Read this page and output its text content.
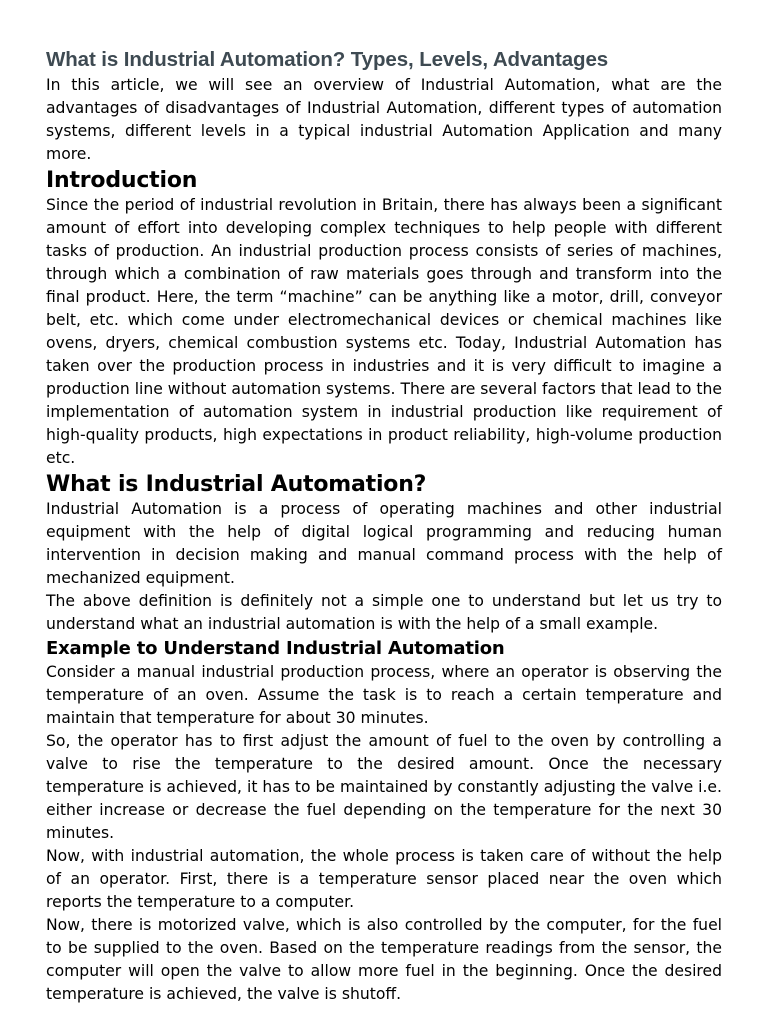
What is Industrial Automation? Types, Levels, Advantages

In this article, we will see an overview of Industrial Automation, what are the advantages of disadvantages of Industrial Automation, different types of automation systems, different levels in a typical industrial Automation Application and many more.

Introduction

Since the period of industrial revolution in Britain, there has always been a significant amount of effort into developing complex techniques to help people with different tasks of production. An industrial production process consists of series of machines, through which a combination of raw materials goes through and transform into the final product. Here, the term “machine” can be anything like a motor, drill, conveyor belt, etc. which come under electromechanical devices or chemical machines like ovens, dryers, chemical combustion systems etc. Today, Industrial Automation has taken over the production process in industries and it is very difficult to imagine a production line without automation systems. There are several factors that lead to the implementation of automation system in industrial production like requirement of high-quality products, high expectations in product reliability, high-volume production etc.

What is Industrial Automation?

Industrial Automation is a process of operating machines and other industrial equipment with the help of digital logical programming and reducing human intervention in decision making and manual command process with the help of mechanized equipment.

The above definition is definitely not a simple one to understand but let us try to understand what an industrial automation is with the help of a small example.

Example to Understand Industrial Automation

Consider a manual industrial production process, where an operator is observing the temperature of an oven. Assume the task is to reach a certain temperature and maintain that temperature for about 30 minutes.

So, the operator has to first adjust the amount of fuel to the oven by controlling a valve to rise the temperature to the desired amount. Once the necessary temperature is achieved, it has to be maintained by constantly adjusting the valve i.e. either increase or decrease the fuel depending on the temperature for the next 30 minutes.

Now, with industrial automation, the whole process is taken care of without the help of an operator. First, there is a temperature sensor placed near the oven which reports the temperature to a computer.

Now, there is motorized valve, which is also controlled by the computer, for the fuel to be supplied to the oven. Based on the temperature readings from the sensor, the computer will open the valve to allow more fuel in the beginning. Once the desired temperature is achieved, the valve is shutoff.
